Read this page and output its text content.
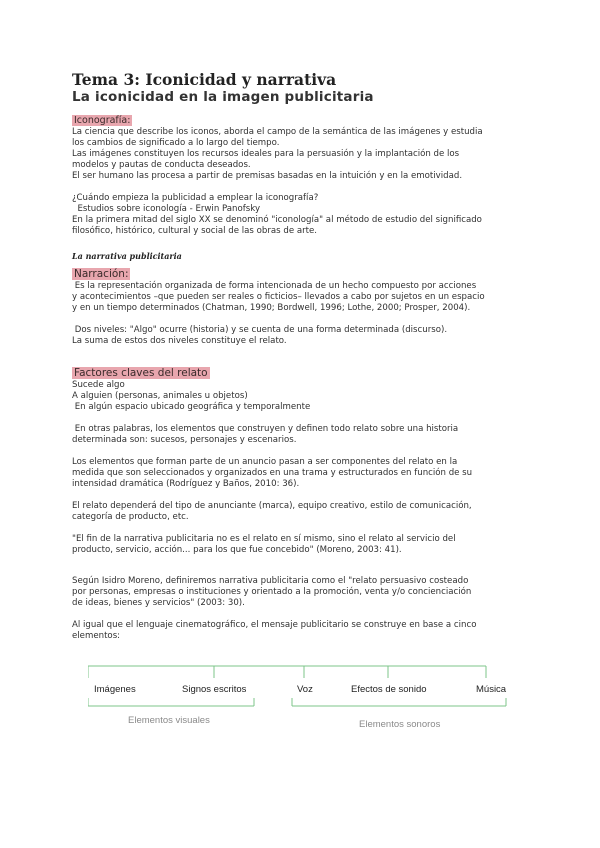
Tema 3: Iconicidad y narrativa
La iconicidad en la imagen publicitaria
Iconografía:

La ciencia que describe los iconos, aborda el campo de la semántica de las imágenes y estudia

los cambios de significado a lo largo del tiempo.

Las imágenes constituyen los recursos ideales para la persuasión y la implantación de los

modelos y pautas de conducta deseados.

El ser humano las procesa a partir de premisas basadas en la intuición y en la emotividad.

¿Cuándo empieza la publicidad a emplear la iconografía?

Estudios sobre iconología - Erwin Panofsky

En la primera mitad del siglo XX se denominó "iconología" al método de estudio del significado

filosófico, histórico, cultural y social de las obras de arte.

La narrativa publicitaria

Narración:

Es la representación organizada de forma intencionada de un hecho compuesto por acciones

y acontecimientos –que pueden ser reales o ficticios– llevados a cabo por sujetos en un espacio

y en un tiempo determinados (Chatman, 1990; Bordwell, 1996; Lothe, 2000; Prosper, 2004).

Dos niveles: "Algo" ocurre (historia) y se cuenta de una forma determinada (discurso).

La suma de estos dos niveles constituye el relato.

Factores claves del relato

Sucede algo

A alguien (personas, animales u objetos)

En algún espacio ubicado geográfica y temporalmente

En otras palabras, los elementos que construyen y definen todo relato sobre una historia

determinada son: sucesos, personajes y escenarios.

Los elementos que forman parte de un anuncio pasan a ser componentes del relato en la

medida que son seleccionados y organizados en una trama y estructurados en función de su

intensidad dramática (Rodríguez y Baños, 2010: 36).

El relato dependerá del tipo de anunciante (marca), equipo creativo, estilo de comunicación,

categoría de producto, etc.

"El fin de la narrativa publicitaria no es el relato en sí mismo, sino el relato al servicio del

producto, servicio, acción... para los que fue concebido" (Moreno, 2003: 41).

Según Isidro Moreno, definiremos narrativa publicitaria como el "relato persuasivo costeado

por personas, empresas o instituciones y orientado a la promoción, venta y/o concienciación

de ideas, bienes y servicios" (2003: 30).

Al igual que el lenguaje cinematográfico, el mensaje publicitario se construye en base a cinco

elementos:

Imágenes	Signos escritos	Voz	Efectos de sonido	Música
Elementos visuales	Elementos sonoros
